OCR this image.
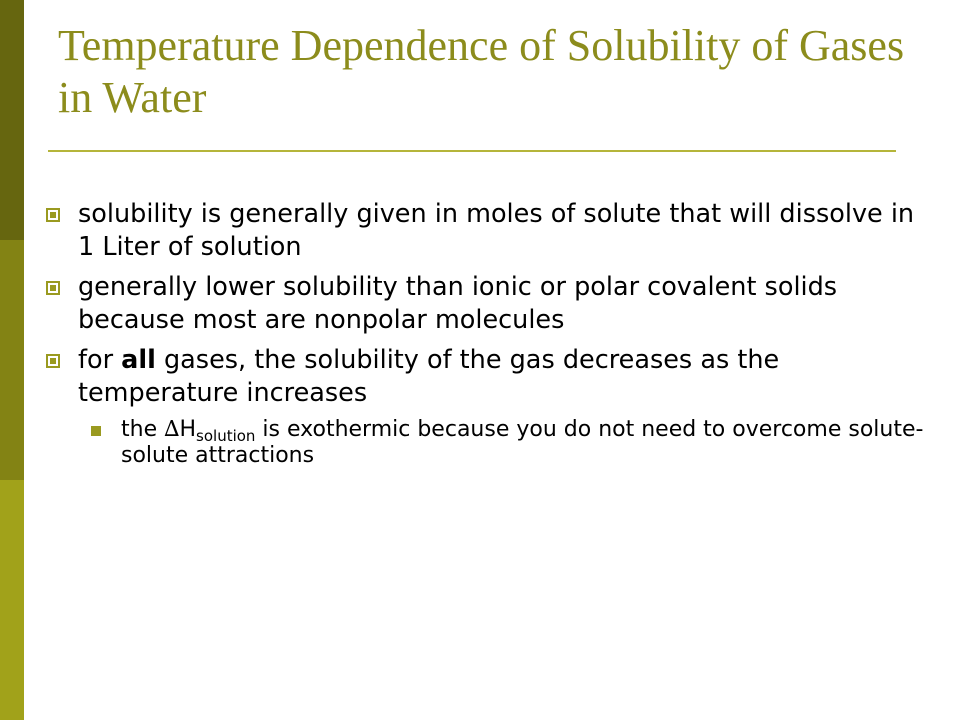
Temperature Dependence of Solubility of Gases in Water
solubility is generally given in moles of solute that will dissolve in 1 Liter of solution
generally lower solubility than ionic or polar covalent solids because most are nonpolar molecules
for all gases, the solubility of the gas decreases as the temperature increases
the $\Delta H_{solution}$ is exothermic because you do not need to overcome solute-solute attractions
